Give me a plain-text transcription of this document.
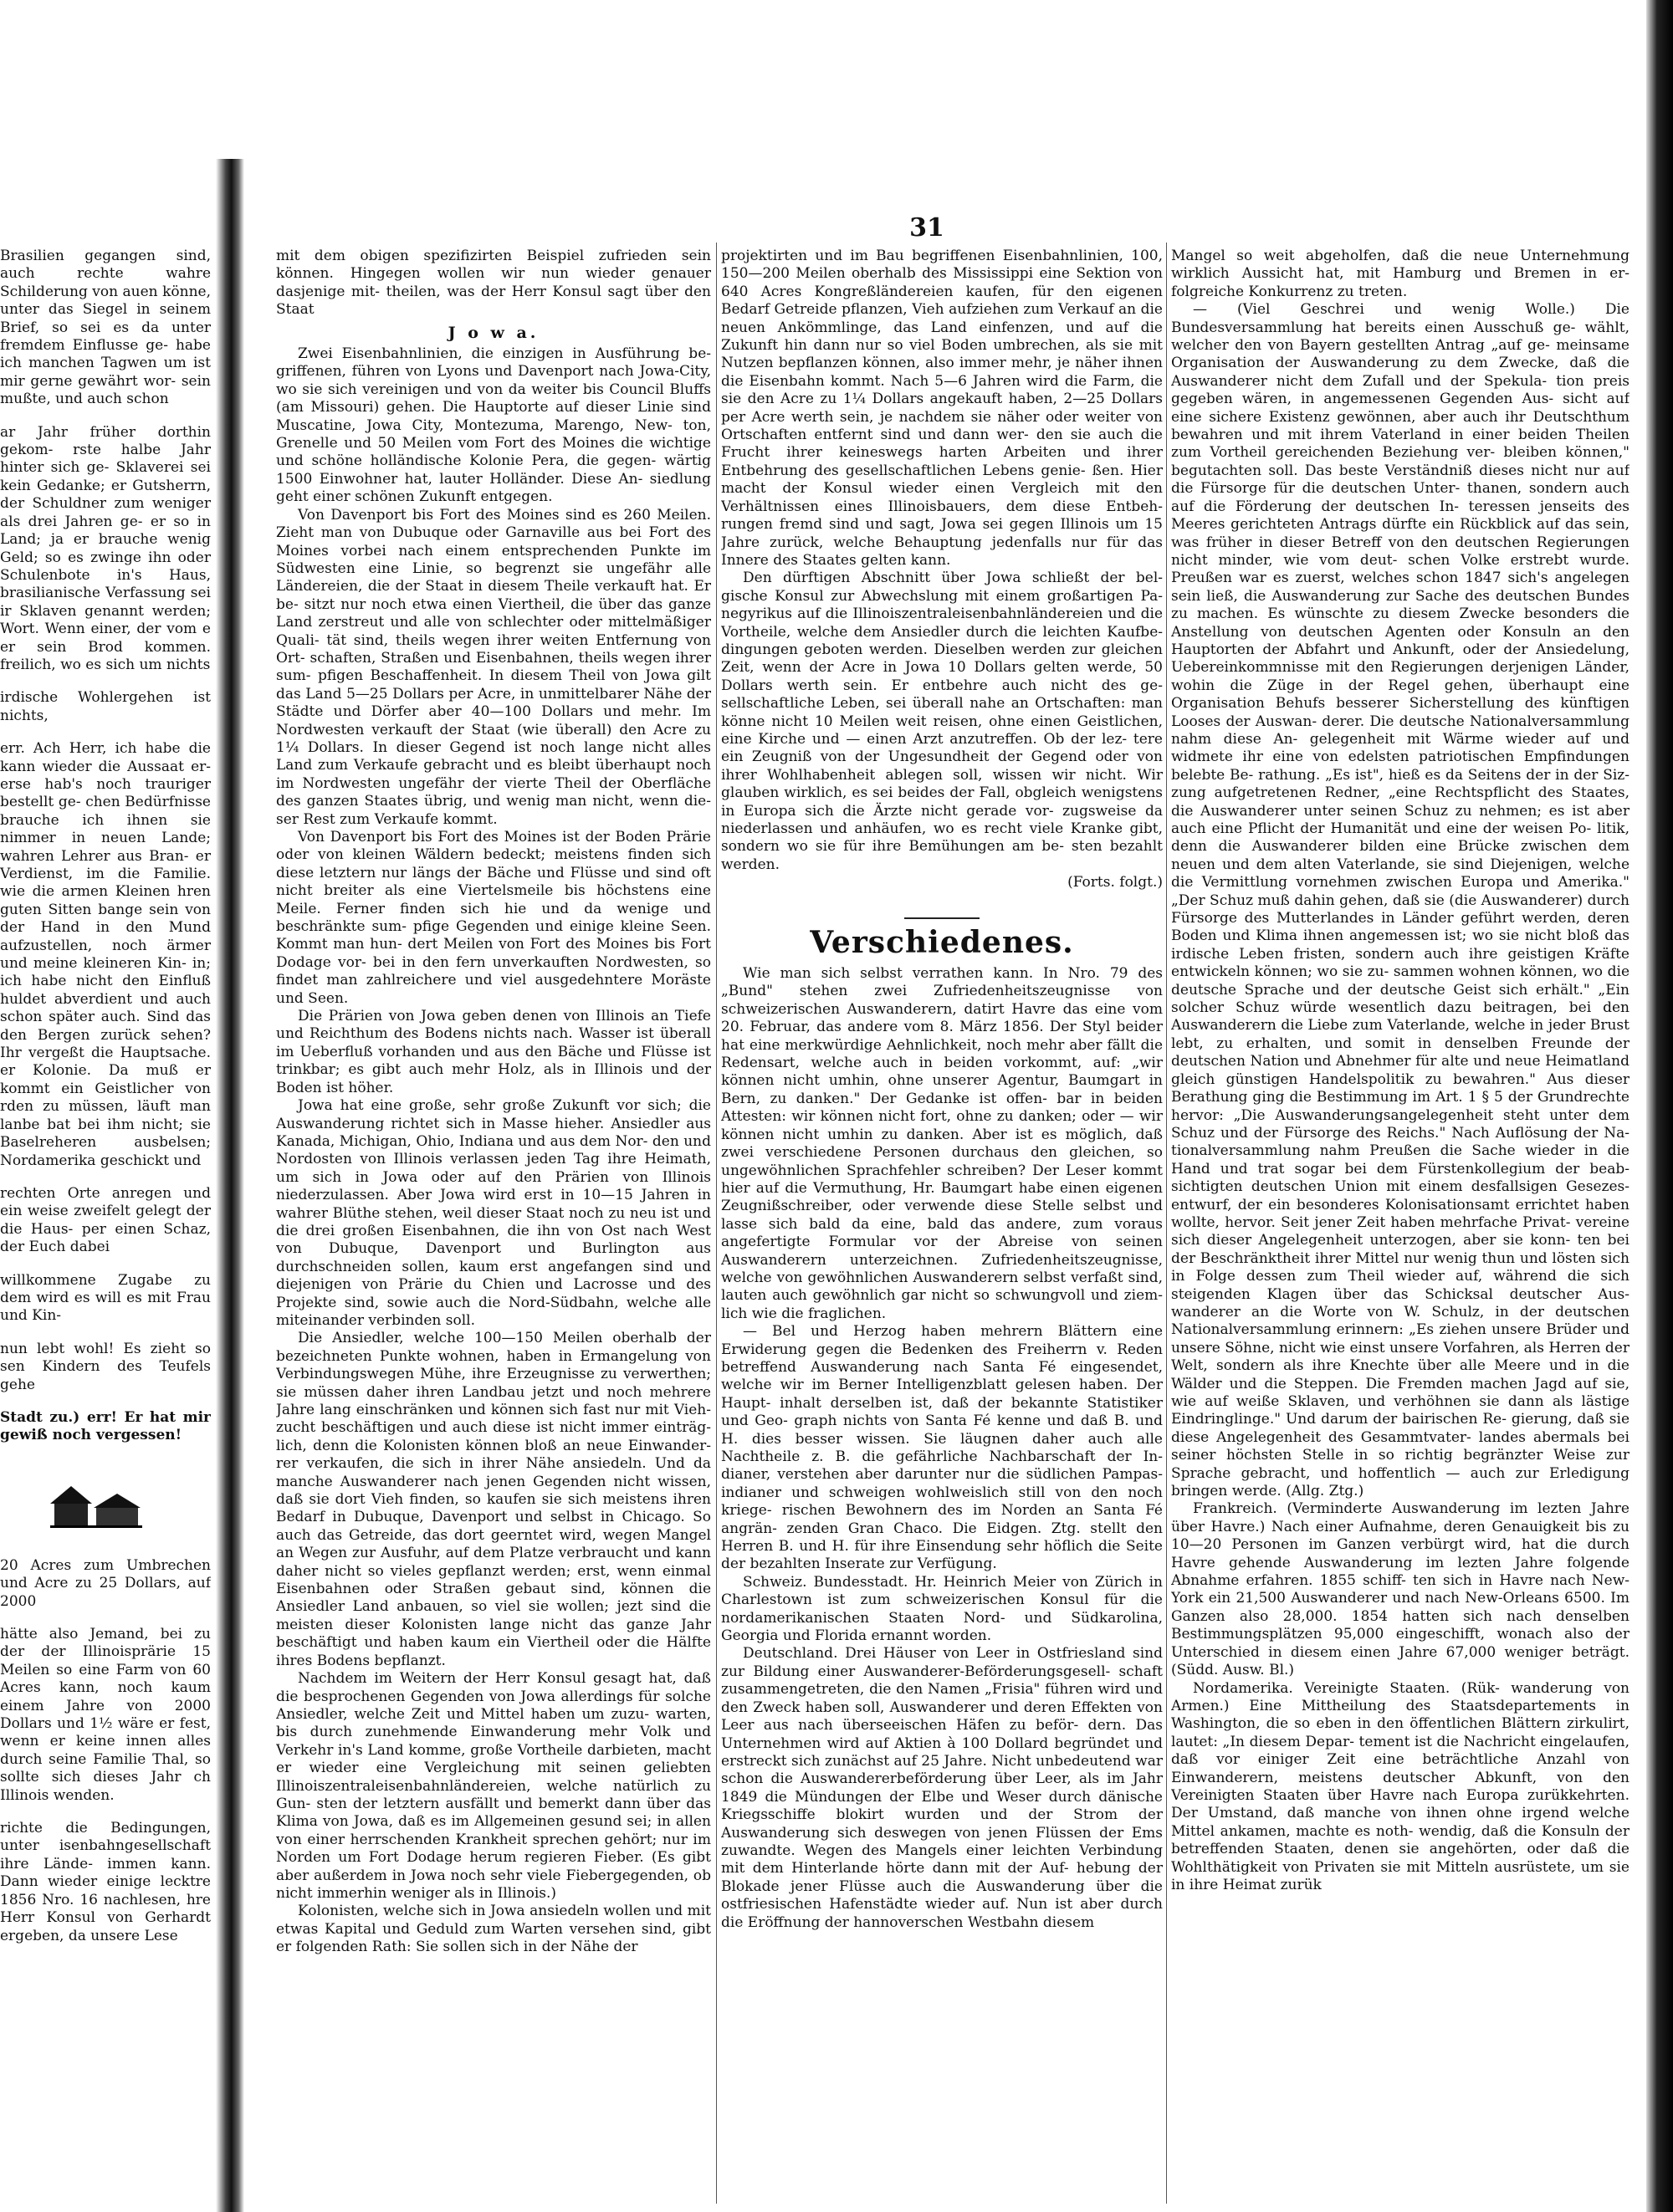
31

Brasilien gegangen sind, auch rechte wahre Schilderung von auen könne, unter das Siegel in seinem Brief, so sei es da unter fremdem Einflusse ge- habe ich manchen Tagwen um ist mir gerne gewährt wor- sein mußte, und auch schon

ar Jahr früher dorthin gekom- rste halbe Jahr hinter sich ge- Sklaverei sei kein Gedanke; er Gutsherrn, der Schuldner zum weniger als drei Jahren ge- er so in Land; ja er brauche wenig Geld; so es zwinge ihn oder Schulenbote in's Haus, brasilianische Verfassung sei ir Sklaven genannt werden; Wort. Wenn einer, der vom e er sein Brod kommen. freilich, wo es sich um nichts

irdische Wohlergehen ist nichts,

err. Ach Herr, ich habe die kann wieder die Aussaat er- erse hab's noch trauriger bestellt ge- chen Bedürfnisse brauche ich ihnen sie nimmer in neuen Lande; wahren Lehrer aus Bran- er Verdienst, im die Familie. wie die armen Kleinen hren guten Sitten bange sein von der Hand in den Mund aufzustellen, noch ärmer und meine kleineren Kin- in; ich habe nicht den Einfluß huldet abverdient und auch schon später auch. Sind das den Bergen zurück sehen? Ihr vergeßt die Hauptsache. er Kolonie. Da muß er kommt ein Geistlicher von rden zu müssen, läuft man lanbe bat bei ihm nicht; sie Baselreheren ausbelsen; Nordamerika geschickt und

rechten Orte anregen und ein weise zweifelt gelegt der die Haus- per einen Schaz, der Euch dabei

willkommene Zugabe zu dem wird es will es mit Frau und Kin-

nun lebt wohl! Es zieht so sen Kindern des Teufels gehe

Stadt zu.) err! Er hat mir gewiß noch vergessen!

20 Acres zum Umbrechen und Acre zu 25 Dollars, auf 2000

hätte also Jemand, bei zu der der Illinoisprärie 15 Meilen so eine Farm von 60 Acres kann, noch kaum einem Jahre von 2000 Dollars und 1½ wäre er fest, wenn er keine innen alles durch seine Familie Thal, so sollte sich dieses Jahr ch Illinois wenden.

richte die Bedingungen, unter isenbahngesellschaft ihre Lände- immen kann. Dann wieder einige lecktre 1856 Nro. 16 nachlesen, hre Herr Konsul von Gerhardt ergeben, da unsere Lese

mit dem obigen spezifizirten Beispiel zufrieden sein können. Hingegen wollen wir nun wieder genauer dasjenige mit- theilen, was der Herr Konsul sagt über den Staat

J o w a.

Zwei Eisenbahnlinien, die einzigen in Ausführung be- griffenen, führen von Lyons und Davenport nach Jowa-City, wo sie sich vereinigen und von da weiter bis Council Bluffs (am Missouri) gehen. Die Hauptorte auf dieser Linie sind Muscatine, Jowa City, Montezuma, Marengo, New- ton, Grenelle und 50 Meilen vom Fort des Moines die wichtige und schöne holländische Kolonie Pera, die gegen- wärtig 1500 Einwohner hat, lauter Holländer. Diese An- siedlung geht einer schönen Zukunft entgegen.

Von Davenport bis Fort des Moines sind es 260 Meilen. Zieht man von Dubuque oder Garnaville aus bei Fort des Moines vorbei nach einem entsprechenden Punkte im Südwesten eine Linie, so begrenzt sie ungefähr alle Ländereien, die der Staat in diesem Theile verkauft hat. Er be- sitzt nur noch etwa einen Viertheil, die über das ganze Land zerstreut und alle von schlechter oder mittelmäßiger Quali- tät sind, theils wegen ihrer weiten Entfernung von Ort- schaften, Straßen und Eisenbahnen, theils wegen ihrer sum- pfigen Beschaffenheit. In diesem Theil von Jowa gilt das Land 5—25 Dollars per Acre, in unmittelbarer Nähe der Städte und Dörfer aber 40—100 Dollars und mehr. Im Nordwesten verkauft der Staat (wie überall) den Acre zu 1¼ Dollars. In dieser Gegend ist noch lange nicht alles Land zum Verkaufe gebracht und es bleibt überhaupt noch im Nordwesten ungefähr der vierte Theil der Oberfläche des ganzen Staates übrig, und wenig man nicht, wenn die- ser Rest zum Verkaufe kommt.

Von Davenport bis Fort des Moines ist der Boden Prärie oder von kleinen Wäldern bedeckt; meistens finden sich diese letztern nur längs der Bäche und Flüsse und sind oft nicht breiter als eine Viertelsmeile bis höchstens eine Meile. Ferner finden sich hie und da wenige und beschränkte sum- pfige Gegenden und einige kleine Seen. Kommt man hun- dert Meilen von Fort des Moines bis Fort Dodage vor- bei in den fern unverkauften Nordwesten, so findet man zahlreichere und viel ausgedehntere Moräste und Seen.

Die Prärien von Jowa geben denen von Illinois an Tiefe und Reichthum des Bodens nichts nach. Wasser ist überall im Ueberfluß vorhanden und aus den Bäche und Flüsse ist trinkbar; es gibt auch mehr Holz, als in Illinois und der Boden ist höher.

Jowa hat eine große, sehr große Zukunft vor sich; die Auswanderung richtet sich in Masse hieher. Ansiedler aus Kanada, Michigan, Ohio, Indiana und aus dem Nor- den und Nordosten von Illinois verlassen jeden Tag ihre Heimath, um sich in Jowa oder auf den Prärien von Illinois niederzulassen. Aber Jowa wird erst in 10—15 Jahren in wahrer Blüthe stehen, weil dieser Staat noch zu neu ist und die drei großen Eisenbahnen, die ihn von Ost nach West von Dubuque, Davenport und Burlington aus durchschneiden sollen, kaum erst angefangen sind und diejenigen von Prärie du Chien und Lacrosse und des Projekte sind, sowie auch die Nord-Südbahn, welche alle miteinander verbinden soll.

Die Ansiedler, welche 100—150 Meilen oberhalb der bezeichneten Punkte wohnen, haben in Ermangelung von Verbindungswegen Mühe, ihre Erzeugnisse zu verwerthen; sie müssen daher ihren Landbau jetzt und noch mehrere Jahre lang einschränken und können sich fast nur mit Vieh- zucht beschäftigen und auch diese ist nicht immer einträg- lich, denn die Kolonisten können bloß an neue Einwander- rer verkaufen, die sich in ihrer Nähe ansiedeln. Und da manche Auswanderer nach jenen Gegenden nicht wissen, daß sie dort Vieh finden, so kaufen sie sich meistens ihren Bedarf in Dubuque, Davenport und selbst in Chicago. So auch das Getreide, das dort geerntet wird, wegen Mangel an Wegen zur Ausfuhr, auf dem Platze verbraucht und kann daher nicht so vieles gepflanzt werden; erst, wenn einmal Eisenbahnen oder Straßen gebaut sind, können die Ansiedler Land anbauen, so viel sie wollen; jezt sind die meisten dieser Kolonisten lange nicht das ganze Jahr beschäftigt und haben kaum ein Viertheil oder die Hälfte ihres Bodens bepflanzt.

Nachdem im Weitern der Herr Konsul gesagt hat, daß die besprochenen Gegenden von Jowa allerdings für solche Ansiedler, welche Zeit und Mittel haben um zuzu- warten, bis durch zunehmende Einwanderung mehr Volk und Verkehr in's Land komme, große Vortheile darbieten, macht er wieder eine Vergleichung mit seinen geliebten Illinoiszentraleisenbahnländereien, welche natürlich zu Gun- sten der letztern ausfällt und bemerkt dann über das Klima von Jowa, daß es im Allgemeinen gesund sei; in allen von einer herrschenden Krankheit sprechen gehört; nur im Norden um Fort Dodage herum regieren Fieber. (Es gibt aber außerdem in Jowa noch sehr viele Fiebergegenden, ob nicht immerhin weniger als in Illinois.)

Kolonisten, welche sich in Jowa ansiedeln wollen und mit etwas Kapital und Geduld zum Warten versehen sind, gibt er folgenden Rath: Sie sollen sich in der Nähe der

projektirten und im Bau begriffenen Eisenbahnlinien, 100, 150—200 Meilen oberhalb des Mississippi eine Sektion von 640 Acres Kongreßländereien kaufen, für den eigenen Bedarf Getreide pflanzen, Vieh aufziehen zum Verkauf an die neuen Ankömmlinge, das Land einfenzen, und auf die Zukunft hin dann nur so viel Boden umbrechen, als sie mit Nutzen bepflanzen können, also immer mehr, je näher ihnen die Eisenbahn kommt. Nach 5—6 Jahren wird die Farm, die sie den Acre zu 1¼ Dollars angekauft haben, 2—25 Dollars per Acre werth sein, je nachdem sie näher oder weiter von Ortschaften entfernt sind und dann wer- den sie auch die Frucht ihrer keineswegs harten Arbeiten und ihrer Entbehrung des gesellschaftlichen Lebens genie- ßen. Hier macht der Konsul wieder einen Vergleich mit den Verhältnissen eines Illinoisbauers, dem diese Entbeh- rungen fremd sind und sagt, Jowa sei gegen Illinois um 15 Jahre zurück, welche Behauptung jedenfalls nur für das Innere des Staates gelten kann.

Den dürftigen Abschnitt über Jowa schließt der bel- gische Konsul zur Abwechslung mit einem großartigen Pa- negyrikus auf die Illinoiszentraleisenbahnländereien und die Vortheile, welche dem Ansiedler durch die leichten Kaufbe- dingungen geboten werden. Dieselben werden zur gleichen Zeit, wenn der Acre in Jowa 10 Dollars gelten werde, 50 Dollars werth sein. Er entbehre auch nicht des ge- sellschaftliche Leben, sei überall nahe an Ortschaften: man könne nicht 10 Meilen weit reisen, ohne einen Geistlichen, eine Kirche und — einen Arzt anzutreffen. Ob der lez- tere ein Zeugniß von der Ungesundheit der Gegend oder von ihrer Wohlhabenheit ablegen soll, wissen wir nicht. Wir glauben wirklich, es sei beides der Fall, obgleich wenigstens in Europa sich die Ärzte nicht gerade vor- zugsweise da niederlassen und anhäufen, wo es recht viele Kranke gibt, sondern wo sie für ihre Bemühungen am be- sten bezahlt werden.

(Forts. folgt.)

Verschiedenes.

Wie man sich selbst verrathen kann. In Nro. 79 des „Bund" stehen zwei Zufriedenheitszeugnisse von schweizerischen Auswanderern, datirt Havre das eine vom 20. Februar, das andere vom 8. März 1856. Der Styl beider hat eine merkwürdige Aehnlichkeit, noch mehr aber fällt die Redensart, welche auch in beiden vorkommt, auf: „wir können nicht umhin, ohne unserer Agentur, Baumgart in Bern, zu danken." Der Gedanke ist offen- bar in beiden Attesten: wir können nicht fort, ohne zu danken; oder — wir können nicht umhin zu danken. Aber ist es möglich, daß zwei verschiedene Personen durchaus den gleichen, so ungewöhnlichen Sprachfehler schreiben? Der Leser kommt hier auf die Vermuthung, Hr. Baumgart habe einen eigenen Zeugnißschreiber, oder verwende diese Stelle selbst und lasse sich bald da eine, bald das andere, zum voraus angefertigte Formular vor der Abreise von seinen Auswanderern unterzeichnen. Zufriedenheitszeugnisse, welche von gewöhnlichen Auswanderern selbst verfaßt sind, lauten auch gewöhnlich gar nicht so schwungvoll und ziem- lich wie die fraglichen.

— Bel und Herzog haben mehrern Blättern eine Erwiderung gegen die Bedenken des Freiherrn v. Reden betreffend Auswanderung nach Santa Fé eingesendet, welche wir im Berner Intelligenzblatt gelesen haben. Der Haupt- inhalt derselben ist, daß der bekannte Statistiker und Geo- graph nichts von Santa Fé kenne und daß B. und H. dies besser wissen. Sie läugnen daher auch alle Nachtheile z. B. die gefährliche Nachbarschaft der In- dianer, verstehen aber darunter nur die südlichen Pampas- indianer und schweigen wohlweislich still von den noch kriege- rischen Bewohnern des im Norden an Santa Fé angrän- zenden Gran Chaco. Die Eidgen. Ztg. stellt den Herren B. und H. für ihre Einsendung sehr höflich die Seite der bezahlten Inserate zur Verfügung.

Schweiz. Bundesstadt. Hr. Heinrich Meier von Zürich in Charlestown ist zum schweizerischen Konsul für die nordamerikanischen Staaten Nord- und Südkarolina, Georgia und Florida ernannt worden.

Deutschland. Drei Häuser von Leer in Ostfriesland sind zur Bildung einer Auswanderer-Beförderungsgesell- schaft zusammengetreten, die den Namen „Frisia" führen wird und den Zweck haben soll, Auswanderer und deren Effekten von Leer aus nach überseeischen Häfen zu beför- dern. Das Unternehmen wird auf Aktien à 100 Dollard begründet und erstreckt sich zunächst auf 25 Jahre. Nicht unbedeutend war schon die Auswandererbeförderung über Leer, als im Jahr 1849 die Mündungen der Elbe und Weser durch dänische Kriegsschiffe blokirt wurden und der Strom der Auswanderung sich deswegen von jenen Flüssen der Ems zuwandte. Wegen des Mangels einer leichten Verbindung mit dem Hinterlande hörte dann mit der Auf- hebung der Blokade jener Flüsse auch die Auswanderung über die ostfriesischen Hafenstädte wieder auf. Nun ist aber durch die Eröffnung der hannoverschen Westbahn diesem

Mangel so weit abgeholfen, daß die neue Unternehmung wirklich Aussicht hat, mit Hamburg und Bremen in er- folgreiche Konkurrenz zu treten.

— (Viel Geschrei und wenig Wolle.) Die Bundesversammlung hat bereits einen Ausschuß ge- wählt, welcher den von Bayern gestellten Antrag „auf ge- meinsame Organisation der Auswanderung zu dem Zwecke, daß die Auswanderer nicht dem Zufall und der Spekula- tion preis gegeben wären, in angemessenen Gegenden Aus- sicht auf eine sichere Existenz gewönnen, aber auch ihr Deutschthum bewahren und mit ihrem Vaterland in einer beiden Theilen zum Vortheil gereichenden Beziehung ver- bleiben können," begutachten soll. Das beste Verständniß dieses nicht nur auf die Fürsorge für die deutschen Unter- thanen, sondern auch auf die Förderung der deutschen In- teressen jenseits des Meeres gerichteten Antrags dürfte ein Rückblick auf das sein, was früher in dieser Betreff von den deutschen Regierungen nicht minder, wie vom deut- schen Volke erstrebt wurde. Preußen war es zuerst, welches schon 1847 sich's angelegen sein ließ, die Auswanderung zur Sache des deutschen Bundes zu machen. Es wünschte zu diesem Zwecke besonders die Anstellung von deutschen Agenten oder Konsuln an den Hauptorten der Abfahrt und Ankunft, oder der Ansiedelung, Uebereinkommnisse mit den Regierungen derjenigen Länder, wohin die Züge in der Regel gehen, überhaupt eine Organisation Behufs besserer Sicherstellung des künftigen Looses der Auswan- derer. Die deutsche Nationalversammlung nahm diese An- gelegenheit mit Wärme wieder auf und widmete ihr eine von edelsten patriotischen Empfindungen belebte Be- rathung. „Es ist", hieß es da Seitens der in der Siz- zung aufgetretenen Redner, „eine Rechtspflicht des Staates, die Auswanderer unter seinen Schuz zu nehmen; es ist aber auch eine Pflicht der Humanität und eine der weisen Po- litik, denn die Auswanderer bilden eine Brücke zwischen dem neuen und dem alten Vaterlande, sie sind Diejenigen, welche die Vermittlung vornehmen zwischen Europa und Amerika." „Der Schuz muß dahin gehen, daß sie (die Auswanderer) durch Fürsorge des Mutterlandes in Länder geführt werden, deren Boden und Klima ihnen angemessen ist; wo sie nicht bloß das irdische Leben fristen, sondern auch ihre geistigen Kräfte entwickeln können; wo sie zu- sammen wohnen können, wo die deutsche Sprache und der deutsche Geist sich erhält." „Ein solcher Schuz würde wesentlich dazu beitragen, bei den Auswanderern die Liebe zum Vaterlande, welche in jeder Brust lebt, zu erhalten, und somit in denselben Freunde der deutschen Nation und Abnehmer für alte und neue Heimatland gleich günstigen Handelspolitik zu bewahren." Aus dieser Berathung ging die Bestimmung im Art. 1 § 5 der Grundrechte hervor: „Die Auswanderungsangelegenheit steht unter dem Schuz und der Fürsorge des Reichs." Nach Auflösung der Na- tionalversammlung nahm Preußen die Sache wieder in die Hand und trat sogar bei dem Fürstenkollegium der beab- sichtigten deutschen Union mit einem desfallsigen Gesezes- entwurf, der ein besonderes Kolonisationsamt errichtet haben wollte, hervor. Seit jener Zeit haben mehrfache Privat- vereine sich dieser Angelegenheit unterzogen, aber sie konn- ten bei der Beschränktheit ihrer Mittel nur wenig thun und lösten sich in Folge dessen zum Theil wieder auf, während die sich steigenden Klagen über das Schicksal deutscher Aus- wanderer an die Worte von W. Schulz, in der deutschen Nationalversammlung erinnern: „Es ziehen unsere Brüder und unsere Söhne, nicht wie einst unsere Vorfahren, als Herren der Welt, sondern als ihre Knechte über alle Meere und in die Wälder und die Steppen. Die Fremden machen Jagd auf sie, wie auf weiße Sklaven, und verhöhnen sie dann als lästige Eindringlinge." Und darum der bairischen Re- gierung, daß sie diese Angelegenheit des Gesammtvater- landes abermals bei seiner höchsten Stelle in so richtig begränzter Weise zur Sprache gebracht, und hoffentlich — auch zur Erledigung bringen werde. (Allg. Ztg.)

Frankreich. (Verminderte Auswanderung im lezten Jahre über Havre.) Nach einer Aufnahme, deren Genauigkeit bis zu 10—20 Personen im Ganzen verbürgt wird, hat die durch Havre gehende Auswanderung im lezten Jahre folgende Abnahme erfahren. 1855 schiff- ten sich in Havre nach New-York ein 21,500 Auswanderer und nach New-Orleans 6500. Im Ganzen also 28,000. 1854 hatten sich nach denselben Bestimmungsplätzen 95,000 eingeschifft, wonach also der Unterschied in diesem einen Jahre 67,000 weniger beträgt. (Südd. Ausw. Bl.)

Nordamerika. Vereinigte Staaten. (Rük- wanderung von Armen.) Eine Mittheilung des Staatsdepartements in Washington, die so eben in den öffentlichen Blättern zirkulirt, lautet: „In diesem Depar- tement ist die Nachricht eingelaufen, daß vor einiger Zeit eine beträchtliche Anzahl von Einwanderern, meistens deutscher Abkunft, von den Vereinigten Staaten über Havre nach Europa zurükkehrten. Der Umstand, daß manche von ihnen ohne irgend welche Mittel ankamen, machte es noth- wendig, daß die Konsuln der betreffenden Staaten, denen sie angehörten, oder daß die Wohlthätigkeit von Privaten sie mit Mitteln ausrüstete, um sie in ihre Heimat zurük
